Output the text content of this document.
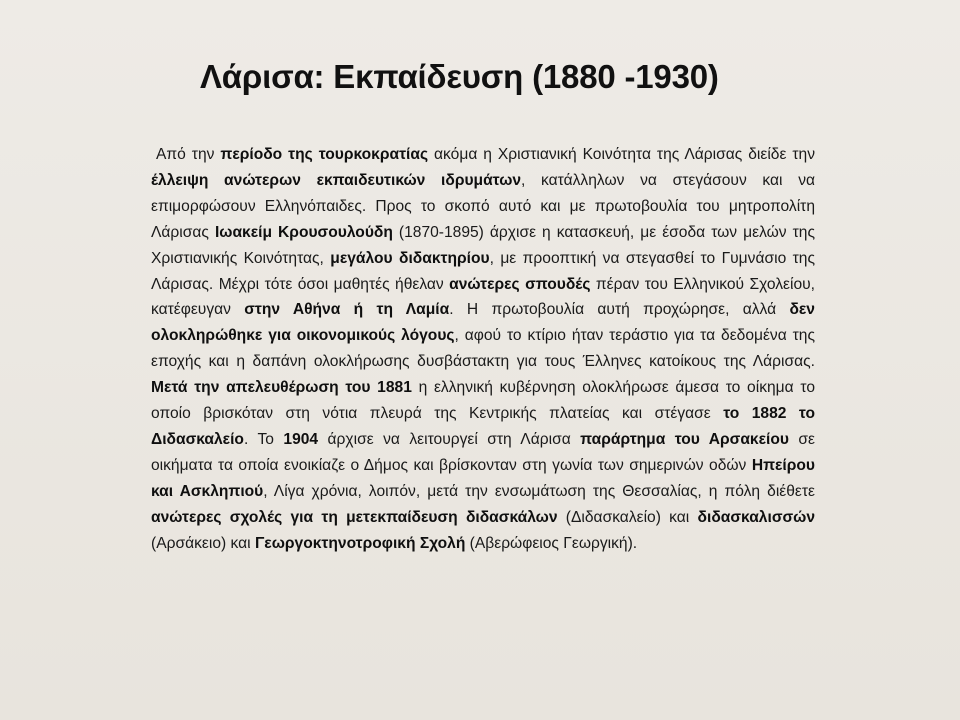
Λάρισα: Εκπαίδευση (1880 -1930)

Από την περίοδο της τουρκοκρατίας ακόμα η Χριστιανική Κοινότητα της Λάρισας διείδε την έλλειψη ανώτερων εκπαιδευτικών ιδρυμάτων, κατάλληλων να στεγάσουν και να επιμορφώσουν Ελληνόπαιδες. Προς το σκοπό αυτό και με πρωτοβουλία του μητροπολίτη Λάρισας Ιωακείμ Κρουσουλούδη (1870-1895) άρχισε η κατασκευή, με έσοδα των μελών της Χριστιανικής Κοινότητας, μεγάλου διδακτηρίου, με προοπτική να στεγασθεί το Γυμνάσιο της Λάρισας. Μέχρι τότε όσοι μαθητές ήθελαν ανώτερες σπουδές πέραν του Ελληνικού Σχολείου, κατέφευγαν στην Αθήνα ή τη Λαμία. Η πρωτοβουλία αυτή προχώρησε, αλλά δεν ολοκληρώθηκε για οικονομικούς λόγους, αφού το κτίριο ήταν τεράστιο για τα δεδομένα της εποχής και η δαπάνη ολοκλήρωσης δυσβάστακτη για τους Έλληνες κατοίκους της Λάρισας. Μετά την απελευθέρωση του 1881 η ελληνική κυβέρνηση ολοκλήρωσε άμεσα το οίκημα το οποίο βρισκόταν στη νότια πλευρά της Κεντρικής πλατείας και στέγασε το 1882 το Διδασκαλείο. Το 1904 άρχισε να λειτουργεί στη Λάρισα παράρτημα του Αρσακείου σε οικήματα τα οποία ενοικίαζε ο Δήμος και βρίσκονταν στη γωνία των σημερινών οδών Ηπείρου και Ασκληπιού, Λίγα χρόνια, λοιπόν, μετά την ενσωμάτωση της Θεσσαλίας, η πόλη διέθετε ανώτερες σχολές για τη μετεκπαίδευση διδασκάλων (Διδασκαλείο) και διδασκαλισσών (Αρσάκειο) και Γεωργοκτηνοτροφική Σχολή (Αβερώφειος Γεωργική).
